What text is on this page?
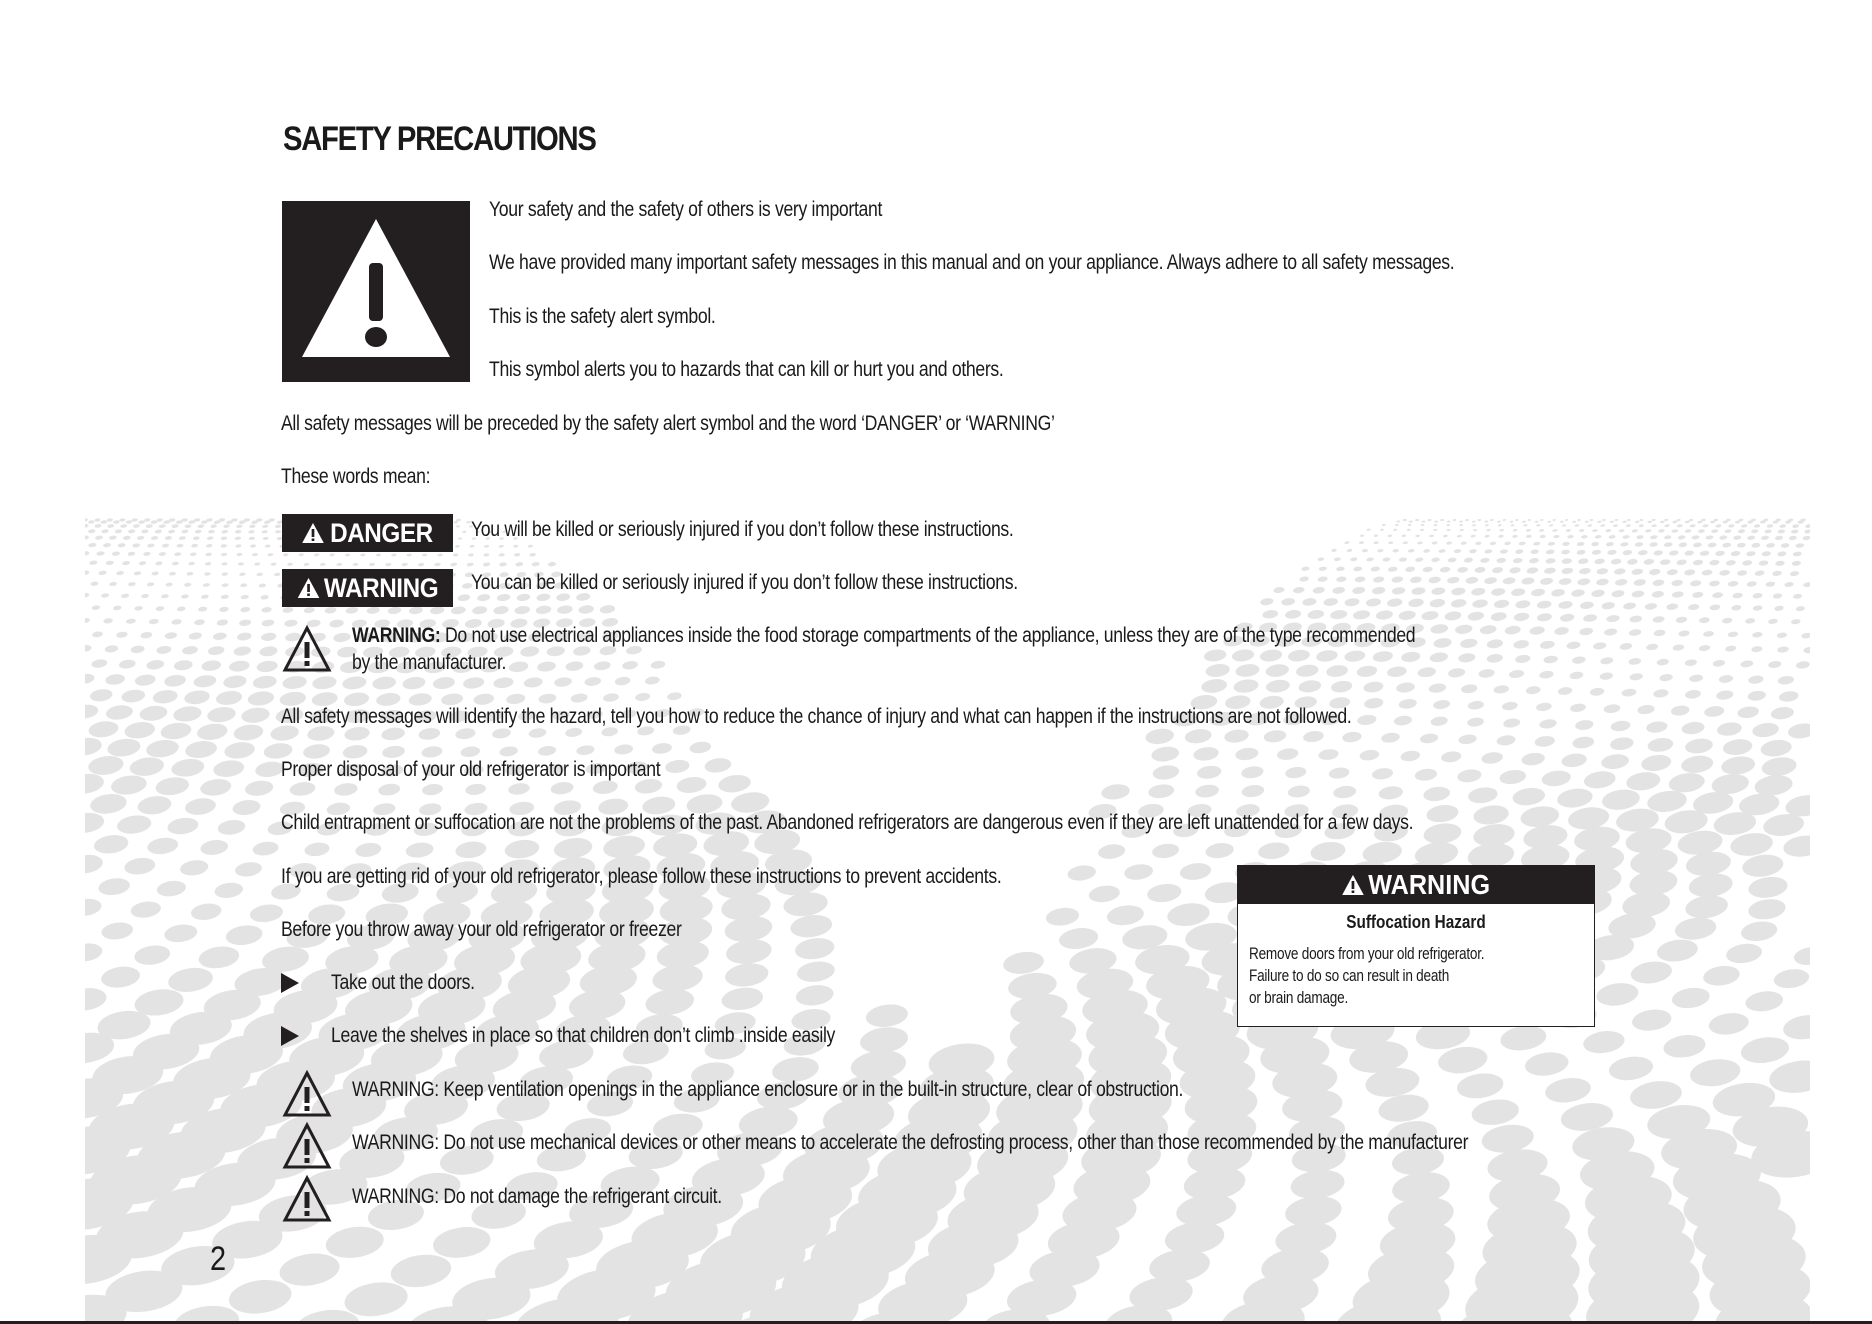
SAFETY PRECAUTIONS
Your safety and the safety of others is very important
We have provided many important safety messages in this manual and on your appliance. Always adhere to all safety messages.
This is the safety alert symbol.
This symbol alerts you to hazards that can kill or hurt you and others.
All safety messages will be preceded by the safety alert symbol and the word ‘DANGER’ or ‘WARNING’
These words mean:
DANGER You will be killed or seriously injured if you don’t follow these instructions.
WARNING You can be killed or seriously injured if you don’t follow these instructions.
WARNING: Do not use electrical appliances inside the food storage compartments of the appliance, unless they are of the type recommended
by the manufacturer.
All safety messages will identify the hazard, tell you how to reduce the chance of injury and what can happen if the instructions are not followed.
Proper disposal of your old refrigerator is important
Child entrapment or suffocation are not the problems of the past. Abandoned refrigerators are dangerous even if they are left unattended for a few days.
If you are getting rid of your old refrigerator, please follow these instructions to prevent accidents.
Before you throw away your old refrigerator or freezer
Take out the doors.
Leave the shelves in place so that children don’t climb .inside easily
WARNING
Suffocation Hazard
Remove doors from your old refrigerator.
Failure to do so can result in death
or brain damage.
WARNING: Keep ventilation openings in the appliance enclosure or in the built-in structure, clear of obstruction.
WARNING: Do not use mechanical devices or other means to accelerate the defrosting process, other than those recommended by the manufacturer
WARNING: Do not damage the refrigerant circuit.
2
